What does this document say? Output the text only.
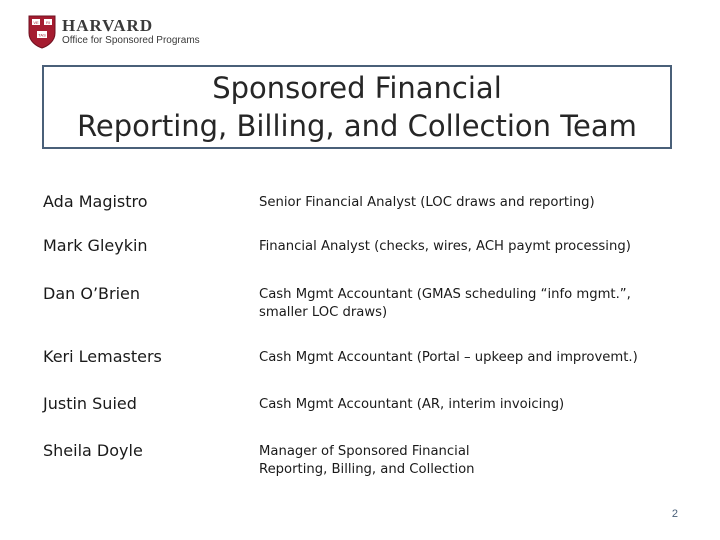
VE RI
TAS HARVARD
Office for Sponsored Programs
Sponsored Financial
Reporting, Billing, and Collection Team
Ada Magistro	Senior Financial Analyst (LOC draws and reporting)
Mark Gleykin	Financial Analyst (checks, wires, ACH paymt processing)
Dan O’Brien	Cash Mgmt Accountant (GMAS scheduling “info mgmt.”, smaller LOC draws)
Keri Lemasters	Cash Mgmt Accountant (Portal – upkeep and improvemt.)
Justin Suied	Cash Mgmt Accountant (AR, interim invoicing)
Sheila Doyle	Manager of Sponsored Financial Reporting, Billing, and Collection
2
